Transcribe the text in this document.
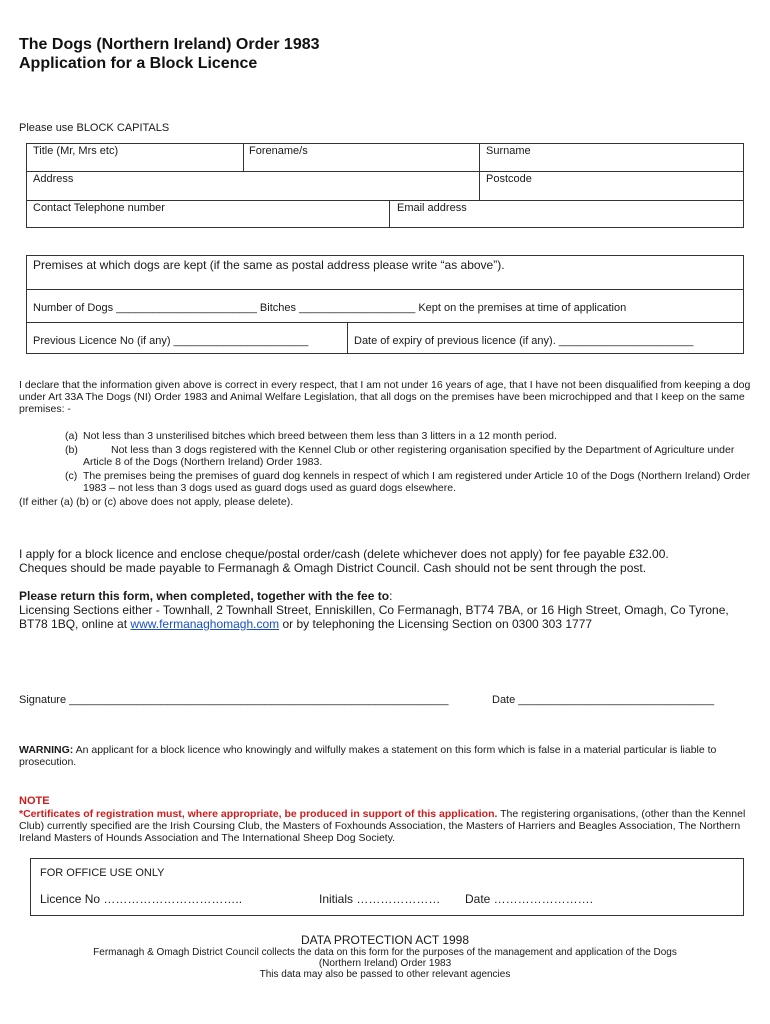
The Dogs (Northern Ireland) Order 1983
Application for a Block Licence
Please use BLOCK CAPITALS
Title (Mr, Mrs etc)	Forename/s	Surname
Address	Postcode
Contact Telephone number	Email address
Premises at which dogs are kept (if the same as postal address please write “as above”).
Number of Dogs _______________________ Bitches ___________________ Kept on the premises at time of application
Previous Licence No (if any) ______________________	Date of expiry of previous licence (if any). ______________________
I declare that the information given above is correct in every respect, that I am not under 16 years of age, that I have not been disqualified from keeping a dog under Art 33A The Dogs (NI) Order 1983 and Animal Welfare Legislation, that all dogs on the premises have been microchipped and that I keep on the same premises: -
(a) Not less than 3 unsterilised bitches which breed between them less than 3 litters in a 12 month period.
(b)	Not less than 3 dogs registered with the Kennel Club or other registering organisation specified by the Department of Agriculture under Article 8 of the Dogs (Northern Ireland) Order 1983.
(c) The premises being the premises of guard dog kennels in respect of which I am registered under Article 10 of the Dogs (Northern Ireland) Order 1983 – not less than 3 dogs used as guard dogs used as guard dogs elsewhere.
(If either (a) (b) or (c) above does not apply, please delete).
I apply for a block licence and enclose cheque/postal order/cash (delete whichever does not apply) for fee payable £32.00.
Cheques should be made payable to Fermanagh & Omagh District Council. Cash should not be sent through the post.
Please return this form, when completed, together with the fee to:
Licensing Sections either - Townhall, 2 Townhall Street, Enniskillen, Co Fermanagh, BT74 7BA, or 16 High Street, Omagh, Co Tyrone, BT78 1BQ, online at www.fermanaghomagh.com or by telephoning the Licensing Section on 0300 303 1777
Signature ______________________________________________________________	Date ________________________________
WARNING: An applicant for a block licence who knowingly and wilfully makes a statement on this form which is false in a material particular is liable to prosecution.
NOTE
*Certificates of registration must, where appropriate, be produced in support of this application. The registering organisations, (other than the Kennel Club) currently specified are the Irish Coursing Club, the Masters of Foxhounds Association, the Masters of Harriers and Beagles Association, The Northern Ireland Masters of Hounds Association and The International Sheep Dog Society.
FOR OFFICE USE ONLY
Licence No ……………………………..	Initials ………………… Date …………………….
DATA PROTECTION ACT 1998
Fermanagh & Omagh District Council collects the data on this form for the purposes of the management and application of the Dogs
(Northern Ireland) Order 1983
This data may also be passed to other relevant agencies
